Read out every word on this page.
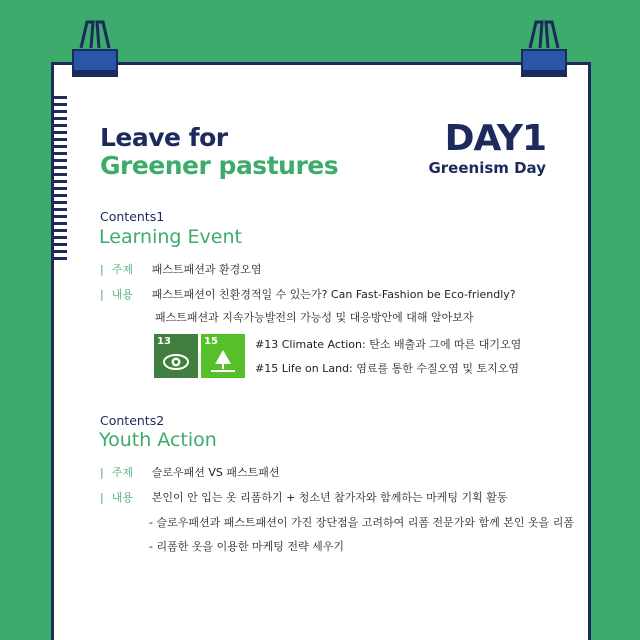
Leave for
Greener pastures
DAY1
Greenism Day
Contents1
Learning Event
| 주제 패스트패션과 환경오염
| 내용 패스트패션이 친환경적일 수 있는가? Can Fast-Fashion be Eco-friendly?
패스트패션과 지속가능발전의 가능성 및 대응방안에 대해 알아보자
13	15	#13 Climate Action: 탄소 배출과 그에 따른 대기오염
#15 Life on Land: 염료를 통한 수질오염 및 토지오염
Contents2
Youth Action
| 주제 슬로우패션 VS 패스트패션
| 내용 본인이 안 입는 옷 리폼하기 + 청소년 참가자와 함께하는 마케팅 기획 활동
- 슬로우패션과 패스트패션이 가진 장단점을 고려하여 리폼 전문가와 함께 본인 옷을 리폼
- 리폼한 옷을 이용한 마케팅 전략 세우기
